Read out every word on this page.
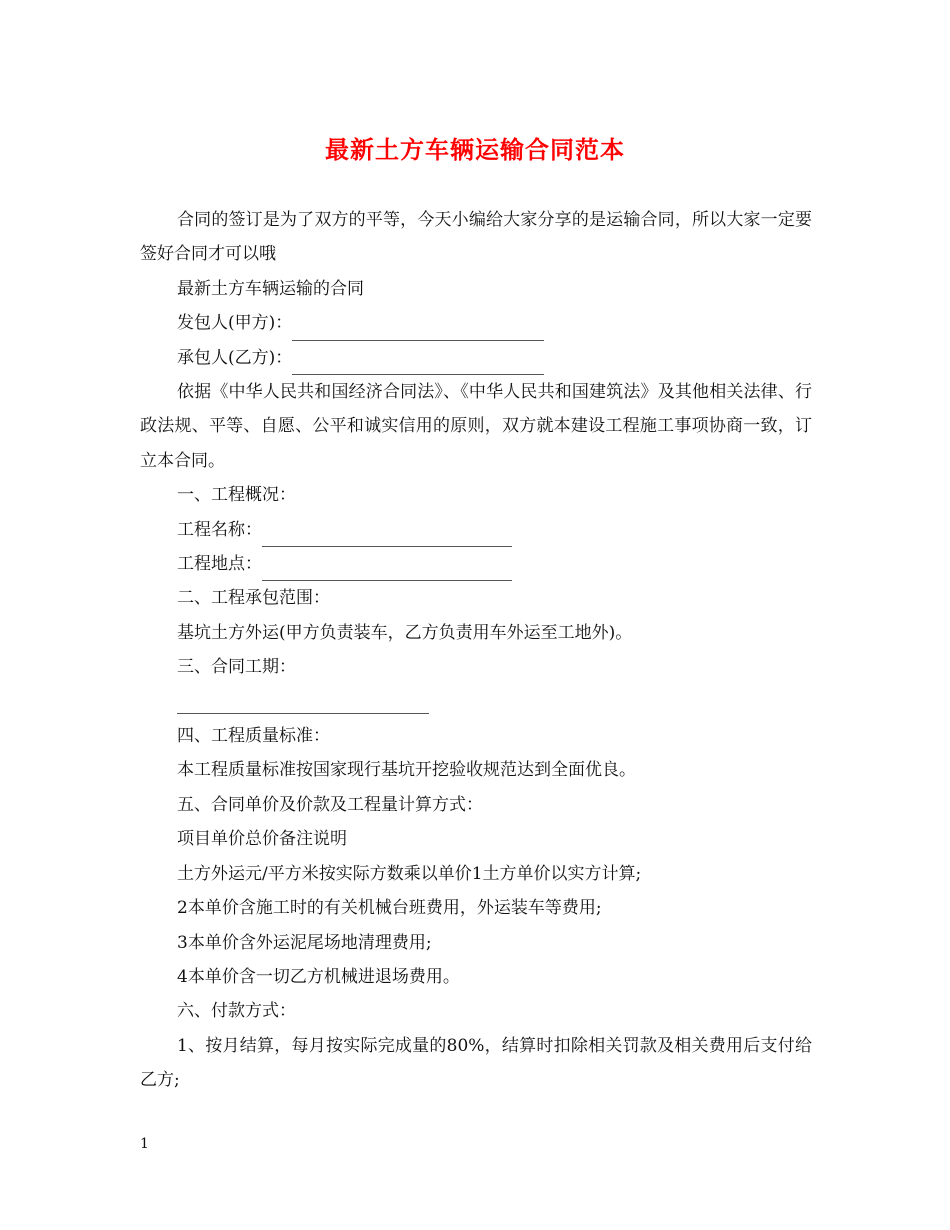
最新土方车辆运输合同范本

合同的签订是为了双方的平等，今天小编给大家分享的是运输合同，所以大家一定要签好合同才可以哦

最新土方车辆运输的合同

发包人(甲方)：

承包人(乙方)：

依据《中华人民共和国经济合同法》、《中华人民共和国建筑法》及其他相关法律、行政法规、平等、自愿、公平和诚实信用的原则，双方就本建设工程施工事项协商一致，订立本合同。

一、工程概况：

工程名称：

工程地点：

二、工程承包范围：

基坑土方外运(甲方负责装车，乙方负责用车外运至工地外)。

三、合同工期：

四、工程质量标准：

本工程质量标准按国家现行基坑开挖验收规范达到全面优良。

五、合同单价及价款及工程量计算方式：

项目单价总价备注说明

土方外运元/平方米按实际方数乘以单价1土方单价以实方计算;

2本单价含施工时的有关机械台班费用，外运装车等费用;

3本单价含外运泥尾场地清理费用;

4本单价含一切乙方机械进退场费用。

六、付款方式：

1、按月结算，每月按实际完成量的80%，结算时扣除相关罚款及相关费用后支付给乙方;

1
